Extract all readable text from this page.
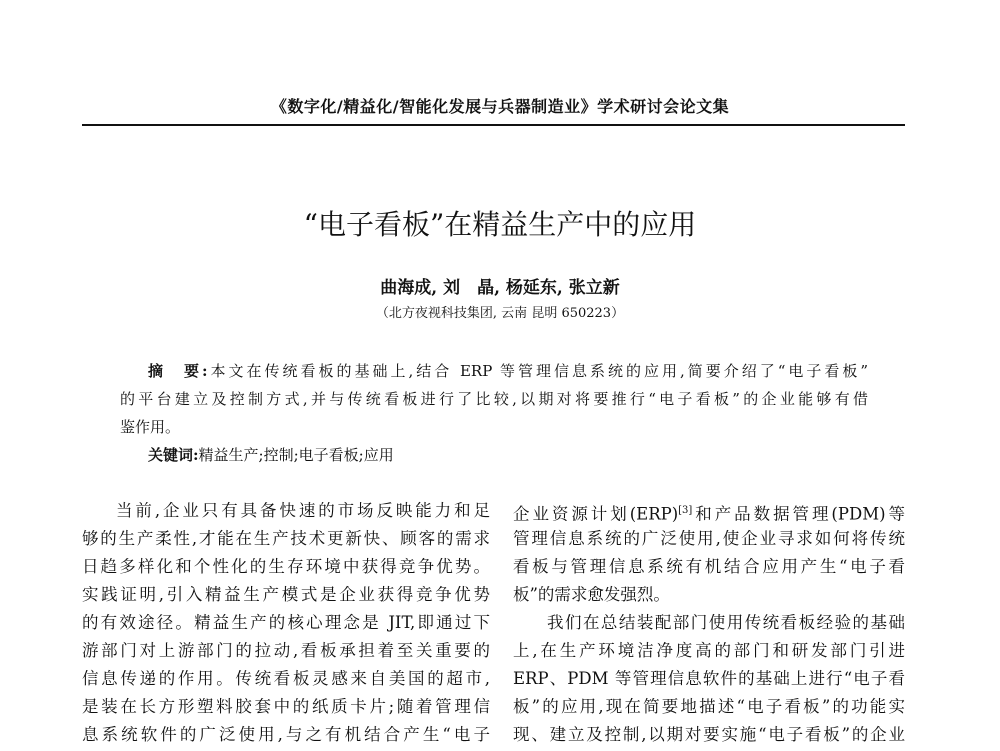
《数字化/精益化/智能化发展与兵器制造业》学术研讨会论文集
“电子看板”在精益生产中的应用
曲海成, 刘　晶, 杨延东, 张立新
（北方夜视科技集团, 云南 昆明 650223）
摘　要:本文在传统看板的基础上,结合 ERP 等管理信息系统的应用,简要介绍了“电子看板”
的平台建立及控制方式,并与传统看板进行了比较,以期对将要推行“电子看板”的企业能够有借
鉴作用。
关键词:精益生产;控制;电子看板;应用
当前,企业只有具备快速的市场反映能力和足
够的生产柔性,才能在生产技术更新快、顾客的需求
日趋多样化和个性化的生存环境中获得竞争优势。
实践证明,引入精益生产模式是企业获得竞争优势
的有效途径。精益生产的核心理念是 JIT,即通过下
游部门对上游部门的拉动,看板承担着至关重要的
信息传递的作用。传统看板灵感来自美国的超市,
是装在长方形塑料胶套中的纸质卡片;随着管理信
息系统软件的广泛使用,与之有机结合产生“电子
企业资源计划(ERP)[3]和产品数据管理(PDM)等
管理信息系统的广泛使用,使企业寻求如何将传统
看板与管理信息系统有机结合应用产生“电子看
板”的需求愈发强烈。
我们在总结装配部门使用传统看板经验的基础
上,在生产环境洁净度高的部门和研发部门引进
ERP、PDM 等管理信息软件的基础上进行“电子看
板”的应用,现在简要地描述“电子看板”的功能实
现、建立及控制,以期对要实施“电子看板”的企业
